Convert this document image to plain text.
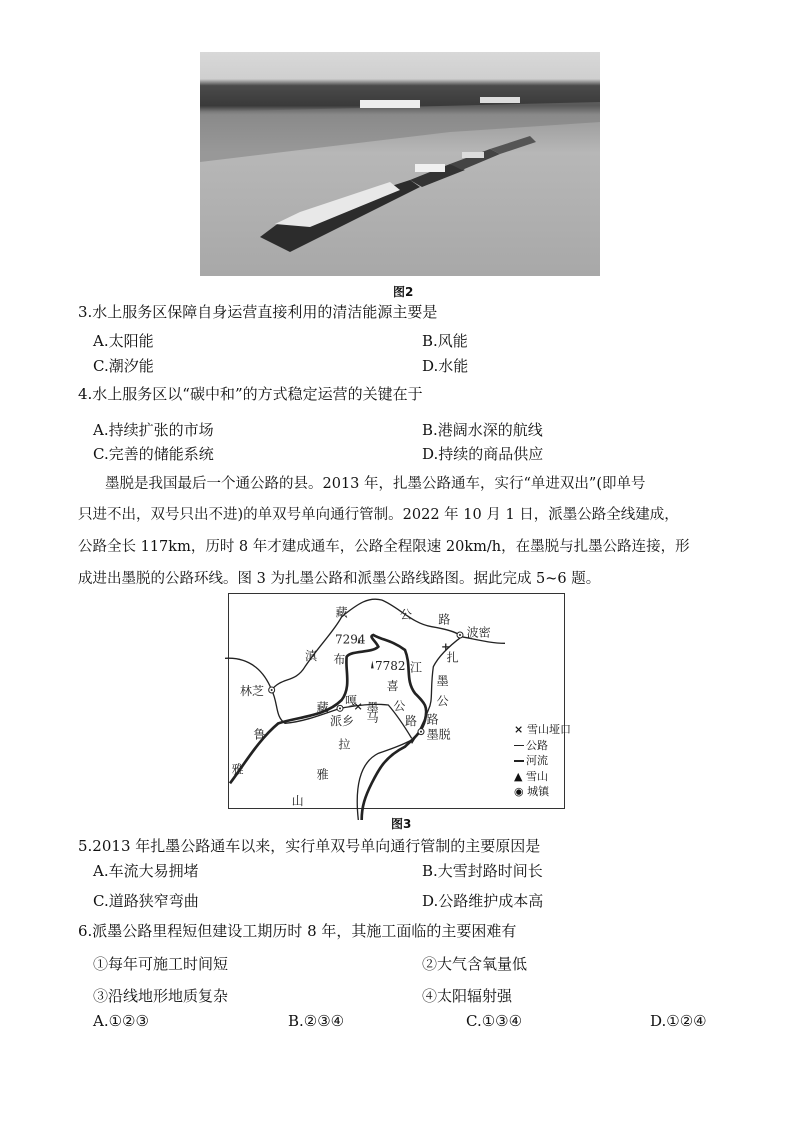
图2
3.水上服务区保障自身运营直接利用的清洁能源主要是
A.太阳能	B.风能
C.潮汐能	D.水能
4.水上服务区以“碳中和”的方式稳定运营的关键在于
A.持续扩张的市场	B.港阔水深的航线
C.完善的储能系统	D.持续的商品供应
墨脱是我国最后一个通公路的县。2013 年，扎墨公路通车，实行“单进双出”(即单号
只进不出，双号只出不进)的单双号单向通行管制。2022 年 10 月 1 日，派墨公路全线建成，
公路全长 117km，历时 8 年才建成通车，公路全程限速 20km/h，在墨脱与扎墨公路连接，形
成进出墨脱的公路环线。图 3 为扎墨公路和派墨公路线路图。据此完成 5~6 题。
×
+
7294
7782
滇
藏 公 路
波密
扎
墨
公
路
雅
鲁
藏
布
江
喜
马
拉
雅
山
林芝
派乡
墨脱
嘎 墨 公
路
× 雪山垭口
公路
河流
▲ 雪山
◉ 城镇
图3
5.2013 年扎墨公路通车以来，实行单双号单向通行管制的主要原因是
A.车流大易拥堵	B.大雪封路时间长
C.道路狭窄弯曲	D.公路维护成本高
6.派墨公路里程短但建设工期历时 8 年，其施工面临的主要困难有
①每年可施工时间短	②大气含氧量低
③沿线地形地质复杂	④太阳辐射强
A.①②③	B.②③④	C.①③④	D.①②④
